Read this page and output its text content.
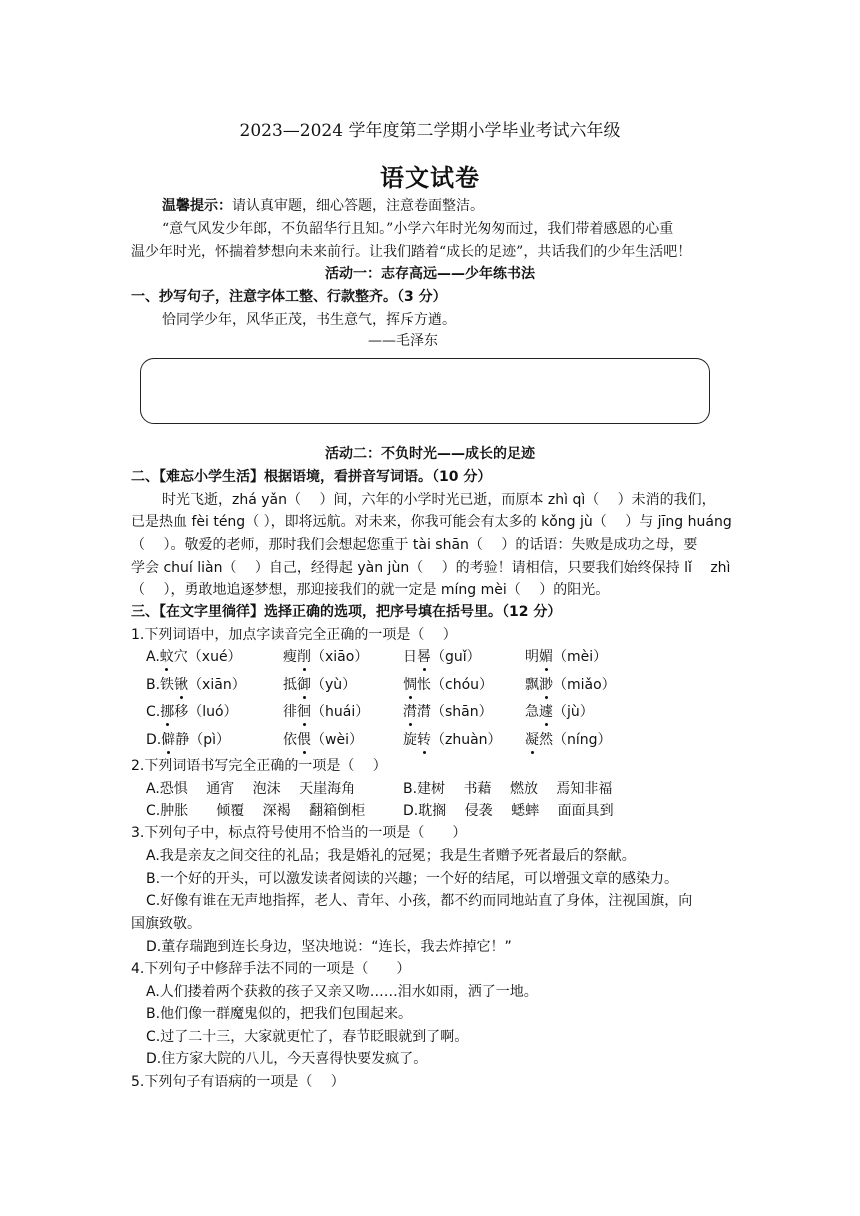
2023—2024 学年度第二学期小学毕业考试六年级
语文试卷
温馨提示：请认真审题，细心答题，注意卷面整洁。
“意气风发少年郎，不负韶华行且知。”小学六年时光匆匆而过，我们带着感恩的心重
温少年时光，怀揣着梦想向未来前行。让我们踏着“成长的足迹”，共话我们的少年生活吧！
活动一：志存高远——少年练书法
一、抄写句子，注意字体工整、行款整齐。（3 分）
恰同学少年，风华正茂，书生意气，挥斥方遒。
——毛泽东
活动二：不负时光——成长的足迹
二、【难忘小学生活】根据语境，看拼音写词语。（10 分）
时光飞逝，zhá yǎn（　 ）间，六年的小学时光已逝，而原本 zhì qì（　 ）未消的我们，
已是热血 fèi téng（ ），即将远航。对未来，你我可能会有太多的 kǒng jù（　 ）与 jīng huáng
（　 ）。敬爱的老师，那时我们会想起您重于 tài shān（　 ）的话语：失败是成功之母，要
学会 chuí liàn（　 ）自己，经得起 yàn jùn（　 ）的考验！请相信，只要我们始终保持 lǐ　 zhì
（　 ），勇敢地追逐梦想，那迎接我们的就一定是 míng mèi（　 ）的阳光。
三、【在文字里徜徉】选择正确的选项，把序号填在括号里。（12 分）
1.下列词语中，加点字读音完全正确的一项是（　 ）
A.蚊穴（xué）	瘦削（xiāo） 日晷（guǐ）	明媚（mèi）
B.铁锹（xiān）	抵御（yù）	惆怅（chóu） 飘渺（miǎo）
C.挪移（luó）	徘徊（huái） 潸潸（shān） 急遽（jù）
D.僻静（pì）	依偎（wèi）	旋转（zhuàn） 凝然（níng）
2.下列词语书写完全正确的一项是（　 ）
A.恐惧　 通宵　 泡沫　 天崖海角	B.建树　 书藉　 燃放　 焉知非福
C.肿胀　　倾覆　 深褐　 翻箱倒柜	D.耽搁　 侵袭　 蟋蟀　 面面具到
3.下列句子中，标点符号使用不恰当的一项是（　　）
A.我是亲友之间交往的礼品；我是婚礼的冠冕；我是生者赠予死者最后的祭献。
B.一个好的开头，可以激发读者阅读的兴趣；一个好的结尾，可以增强文章的感染力。
C.好像有谁在无声地指挥，老人、青年、小孩，都不约而同地站直了身体，注视国旗，向
国旗致敬。
D.董存瑞跑到连长身边，坚决地说：“连长，我去炸掉它！”
4.下列句子中修辞手法不同的一项是（　　）
A.人们搂着两个获救的孩子又亲又吻……泪水如雨，洒了一地。
B.他们像一群魔鬼似的，把我们包围起来。
C.过了二十三，大家就更忙了，春节眨眼就到了啊。
D.住方家大院的八儿，今天喜得快要发疯了。
5.下列句子有语病的一项是（　 ）
